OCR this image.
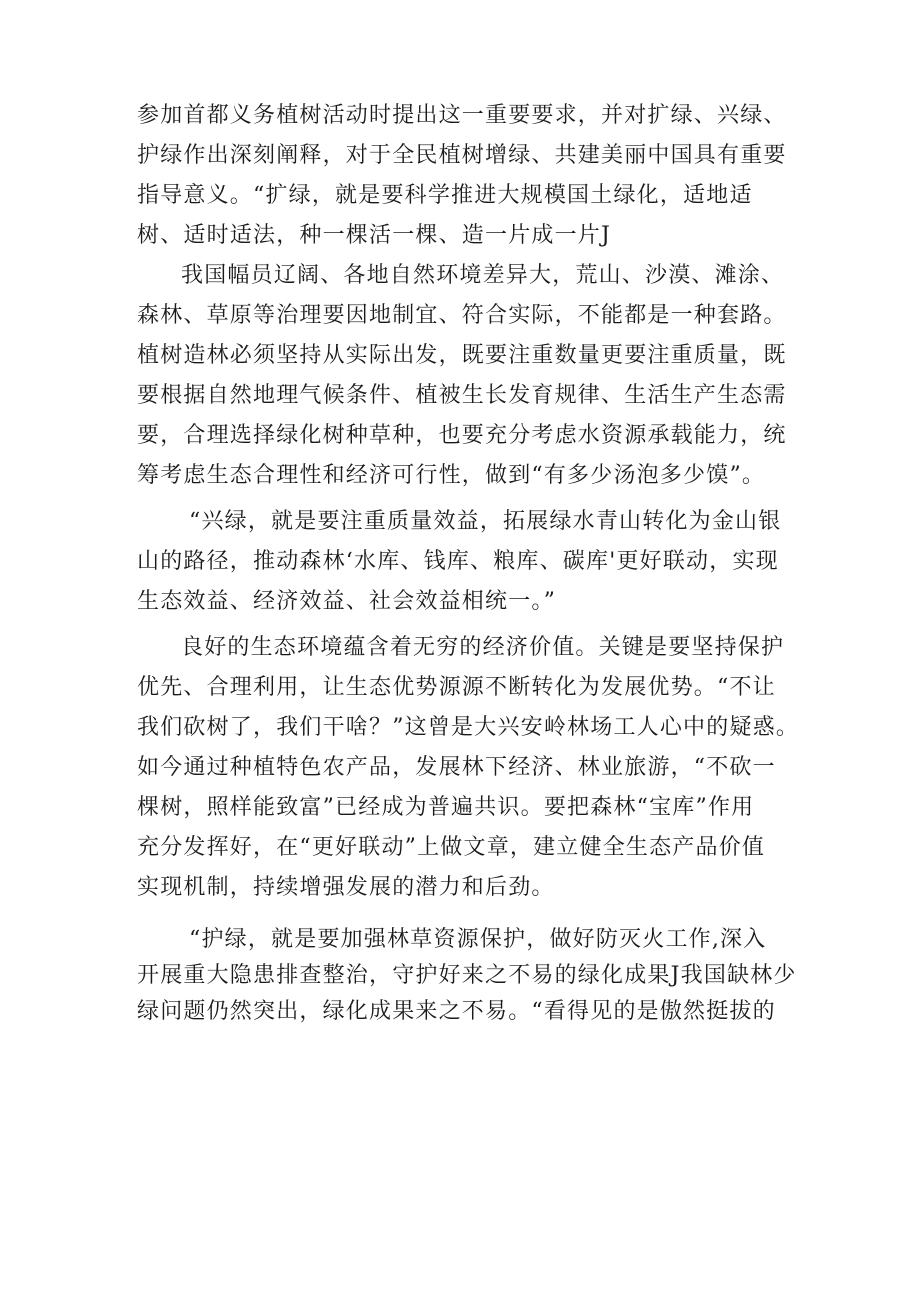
参加首都义务植树活动时提出这一重要要求，并对扩绿、兴绿、
护绿作出深刻阐释，对于全民植树增绿、共建美丽中国具有重要
指导意义。“扩绿，就是要科学推进大规模国土绿化，适地适
树、适时适法，种一棵活一棵、造一片成一片J
我国幅员辽阔、各地自然环境差异大，荒山、沙漠、滩涂、
森林、草原等治理要因地制宜、符合实际，不能都是一种套路。
植树造林必须坚持从实际出发，既要注重数量更要注重质量，既
要根据自然地理气候条件、植被生长发育规律、生活生产生态需
要，合理选择绿化树种草种，也要充分考虑水资源承载能力，统
筹考虑生态合理性和经济可行性，做到“有多少汤泡多少馍”。
“兴绿，就是要注重质量效益，拓展绿水青山转化为金山银
山的路径，推动森林‘水库、钱库、粮库、碳库'更好联动，实现
生态效益、经济效益、社会效益相统一。”
良好的生态环境蕴含着无穷的经济价值。关键是要坚持保护
优先、合理利用，让生态优势源源不断转化为发展优势。“不让
我们砍树了，我们干啥？”这曾是大兴安岭林场工人心中的疑惑。
如今通过种植特色农产品，发展林下经济、林业旅游，“不砍一
棵树，照样能致富”已经成为普遍共识。要把森林“宝库”作用
充分发挥好，在“更好联动”上做文章，建立健全生态产品价值
实现机制，持续增强发展的潜力和后劲。
“护绿，就是要加强林草资源保护，做好防灭火工作,深入
开展重大隐患排查整治，守护好来之不易的绿化成果J我国缺林少
绿问题仍然突出，绿化成果来之不易。“看得见的是傲然挺拔的
